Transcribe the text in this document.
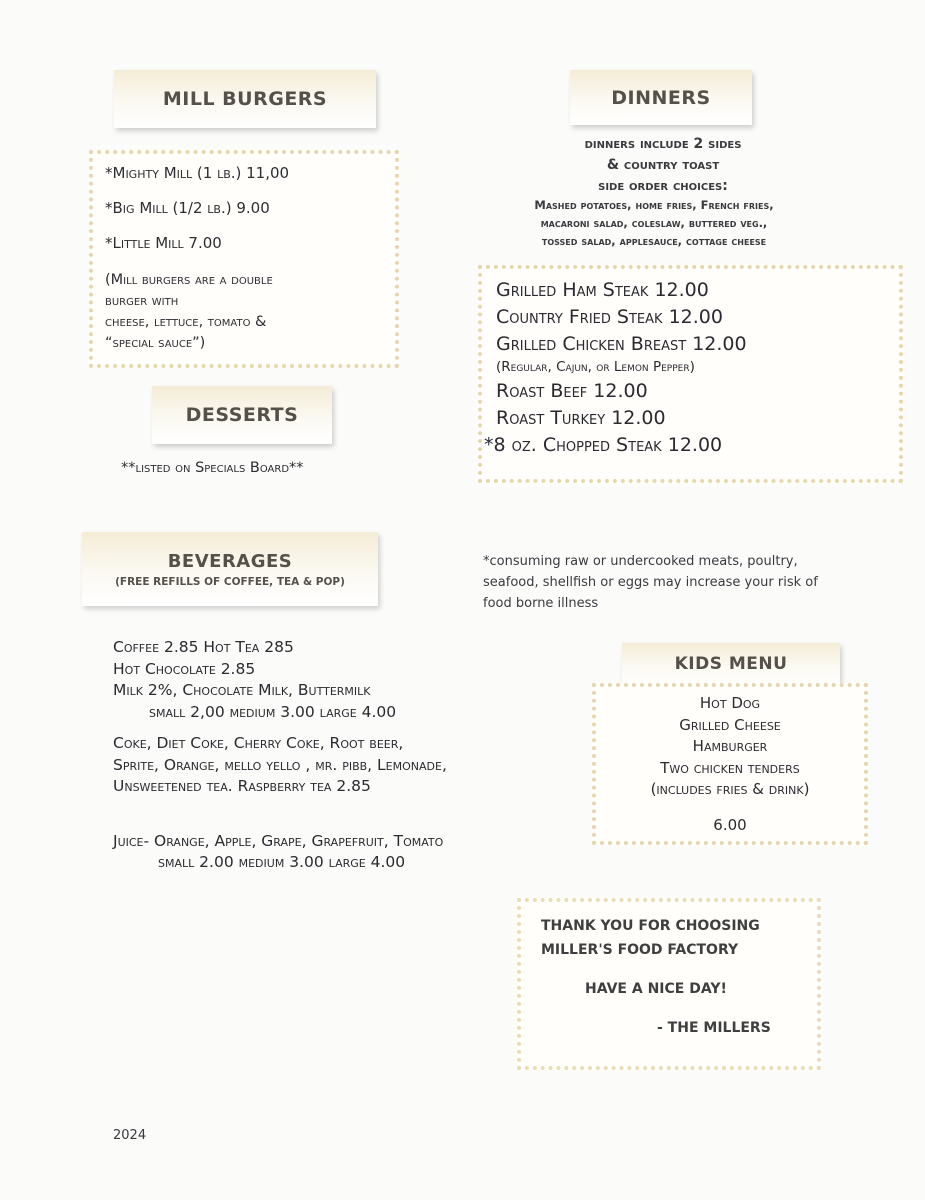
MILL BURGERS
*Mighty Mill (1 lb.) 11,00
*Big Mill (1/2 lb.) 9.00
*Little Mill 7.00
(Mill burgers are a double
burger with
cheese, lettuce, tomato &
“special sauce”)
DESSERTS
**listed on Specials Board**
DINNERS
dinners include 2 sides
& country toast
side order choices:
Mashed potatoes, home fries, French fries,
macaroni salad, coleslaw, buttered veg.,
tossed salad, applesauce, cottage cheese
Grilled Ham Steak 12.00
Country Fried Steak 12.00
Grilled Chicken Breast 12.00
(Regular, Cajun, or Lemon Pepper)
Roast Beef 12.00
Roast Turkey 12.00
*8 oz. Chopped Steak 12.00
BEVERAGES
(FREE REFILLS OF COFFEE, TEA & POP)
Coffee 2.85 Hot Tea 285
Hot Chocolate 2.85
Milk 2%, Chocolate Milk, Buttermilk
small 2,00 medium 3.00 large 4.00
Coke, Diet Coke, Cherry Coke, Root beer,
Sprite, Orange, mello yello , mr. pibb, Lemonade,
Unsweetened tea. Raspberry tea 2.85
Juice- Orange, Apple, Grape, Grapefruit, Tomato
small 2.00 medium 3.00 large 4.00
*consuming raw or undercooked meats, poultry,
seafood, shellfish or eggs may increase your risk of
food borne illness
KIDS MENU
Hot Dog
Grilled Cheese
Hamburger
Two chicken tenders
(includes fries & drink)
6.00
THANK YOU FOR CHOOSING
MILLER'S FOOD FACTORY
HAVE A NICE DAY!
- THE MILLERS
2024
